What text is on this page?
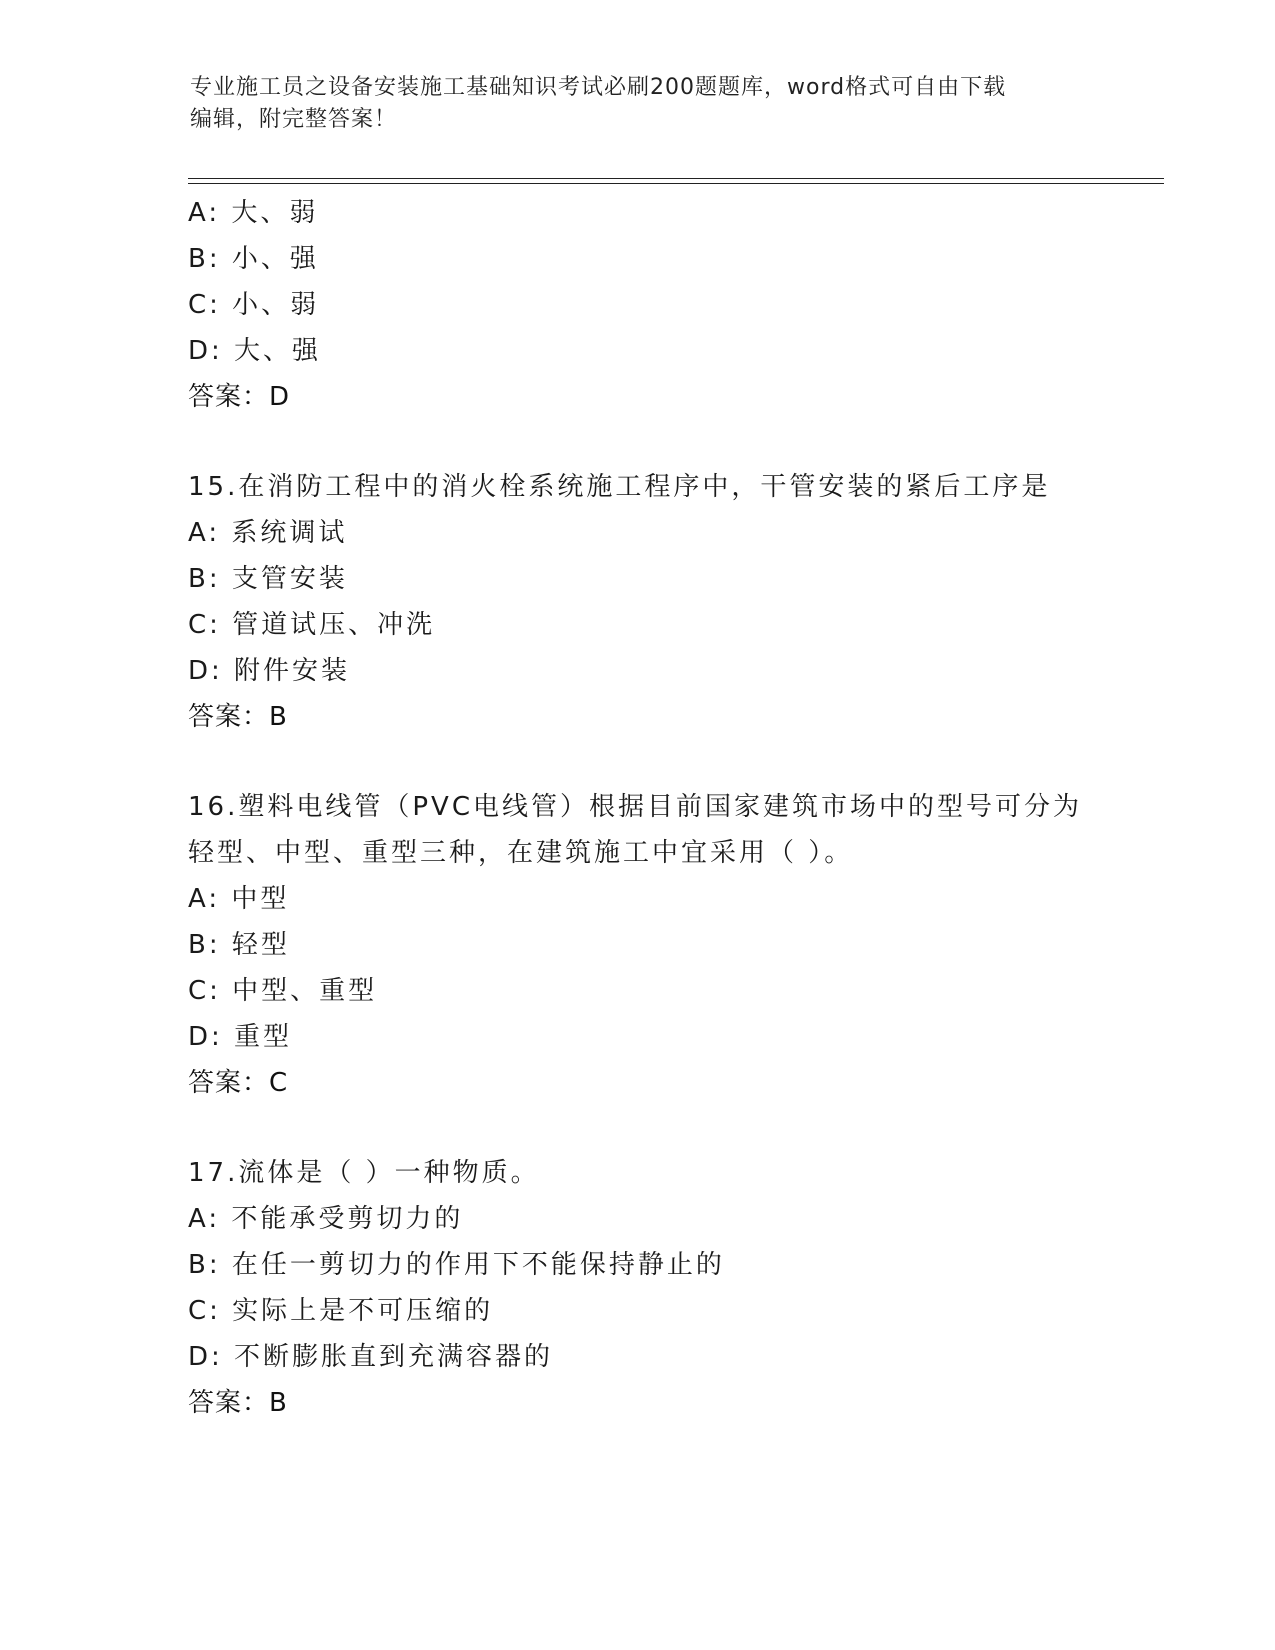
专业施工员之设备安装施工基础知识考试必刷200题题库，word格式可自由下载
编辑，附完整答案！
A: 大、弱
B: 小、强
C: 小、弱
D: 大、强
答案：D
15.在消防工程中的消火栓系统施工程序中，干管安装的紧后工序是
A: 系统调试
B: 支管安装
C: 管道试压、冲洗
D: 附件安装
答案：B
16.塑料电线管（PVC电线管）根据目前国家建筑市场中的型号可分为
轻型、中型、重型三种，在建筑施工中宜采用（ ）。
A: 中型
B: 轻型
C: 中型、重型
D: 重型
答案：C
17.流体是（ ）一种物质。
A: 不能承受剪切力的
B: 在任一剪切力的作用下不能保持静止的
C: 实际上是不可压缩的
D: 不断膨胀直到充满容器的
答案：B
